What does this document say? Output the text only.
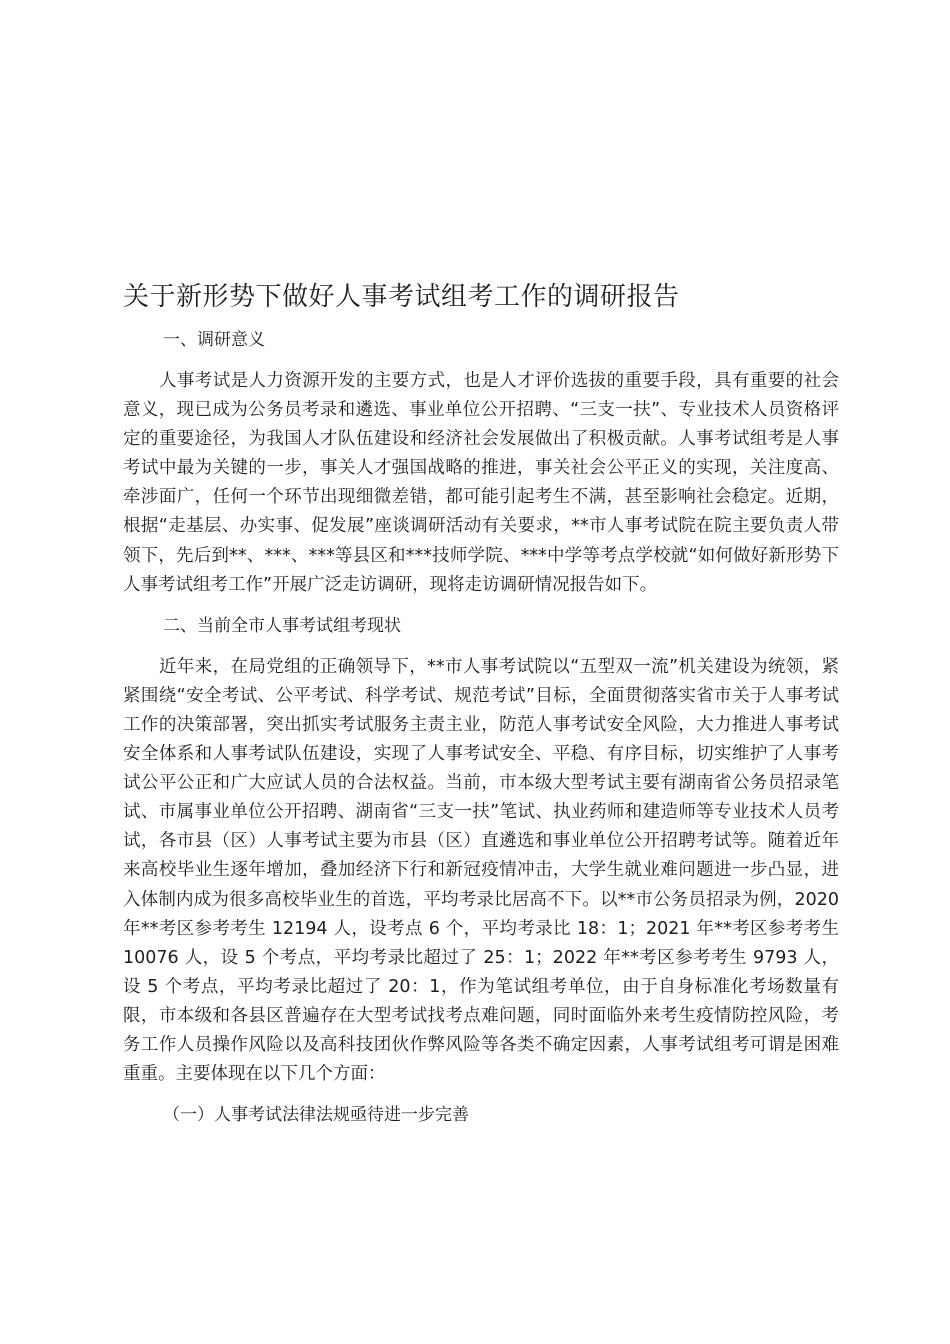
关于新形势下做好人事考试组考工作的调研报告

一、调研意义

人事考试是人力资源开发的主要方式，也是人才评价选拔的重要手段，具有重要的社会意义，现已成为公务员考录和遴选、事业单位公开招聘、“三支一扶”、专业技术人员资格评定的重要途径，为我国人才队伍建设和经济社会发展做出了积极贡献。人事考试组考是人事考试中最为关键的一步，事关人才强国战略的推进，事关社会公平正义的实现，关注度高、牵涉面广，任何一个环节出现细微差错，都可能引起考生不满，甚至影响社会稳定。近期，根据“走基层、办实事、促发展”座谈调研活动有关要求，**市人事考试院在院主要负责人带领下，先后到**、***、***等县区和***技师学院、***中学等考点学校就“如何做好新形势下人事考试组考工作”开展广泛走访调研，现将走访调研情况报告如下。

二、当前全市人事考试组考现状

近年来，在局党组的正确领导下，**市人事考试院以“五型双一流”机关建设为统领，紧紧围绕“安全考试、公平考试、科学考试、规范考试”目标，全面贯彻落实省市关于人事考试工作的决策部署，突出抓实考试服务主责主业，防范人事考试安全风险，大力推进人事考试安全体系和人事考试队伍建设，实现了人事考试安全、平稳、有序目标，切实维护了人事考试公平公正和广大应试人员的合法权益。当前，市本级大型考试主要有湖南省公务员招录笔试、市属事业单位公开招聘、湖南省“三支一扶”笔试、执业药师和建造师等专业技术人员考试，各市县（区）人事考试主要为市县（区）直遴选和事业单位公开招聘考试等。随着近年来高校毕业生逐年增加，叠加经济下行和新冠疫情冲击，大学生就业难问题进一步凸显，进入体制内成为很多高校毕业生的首选，平均考录比居高不下。以**市公务员招录为例，2020 年**考区参考考生 12194 人，设考点 6 个，平均考录比 18：1；2021 年**考区参考考生 10076 人，设 5 个考点，平均考录比超过了 25：1；2022 年**考区参考考生 9793 人，设 5 个考点，平均考录比超过了 20：1，作为笔试组考单位，由于自身标准化考场数量有限，市本级和各县区普遍存在大型考试找考点难问题，同时面临外来考生疫情防控风险，考务工作人员操作风险以及高科技团伙作弊风险等各类不确定因素，人事考试组考可谓是困难重重。主要体现在以下几个方面：

（一）人事考试法律法规亟待进一步完善
